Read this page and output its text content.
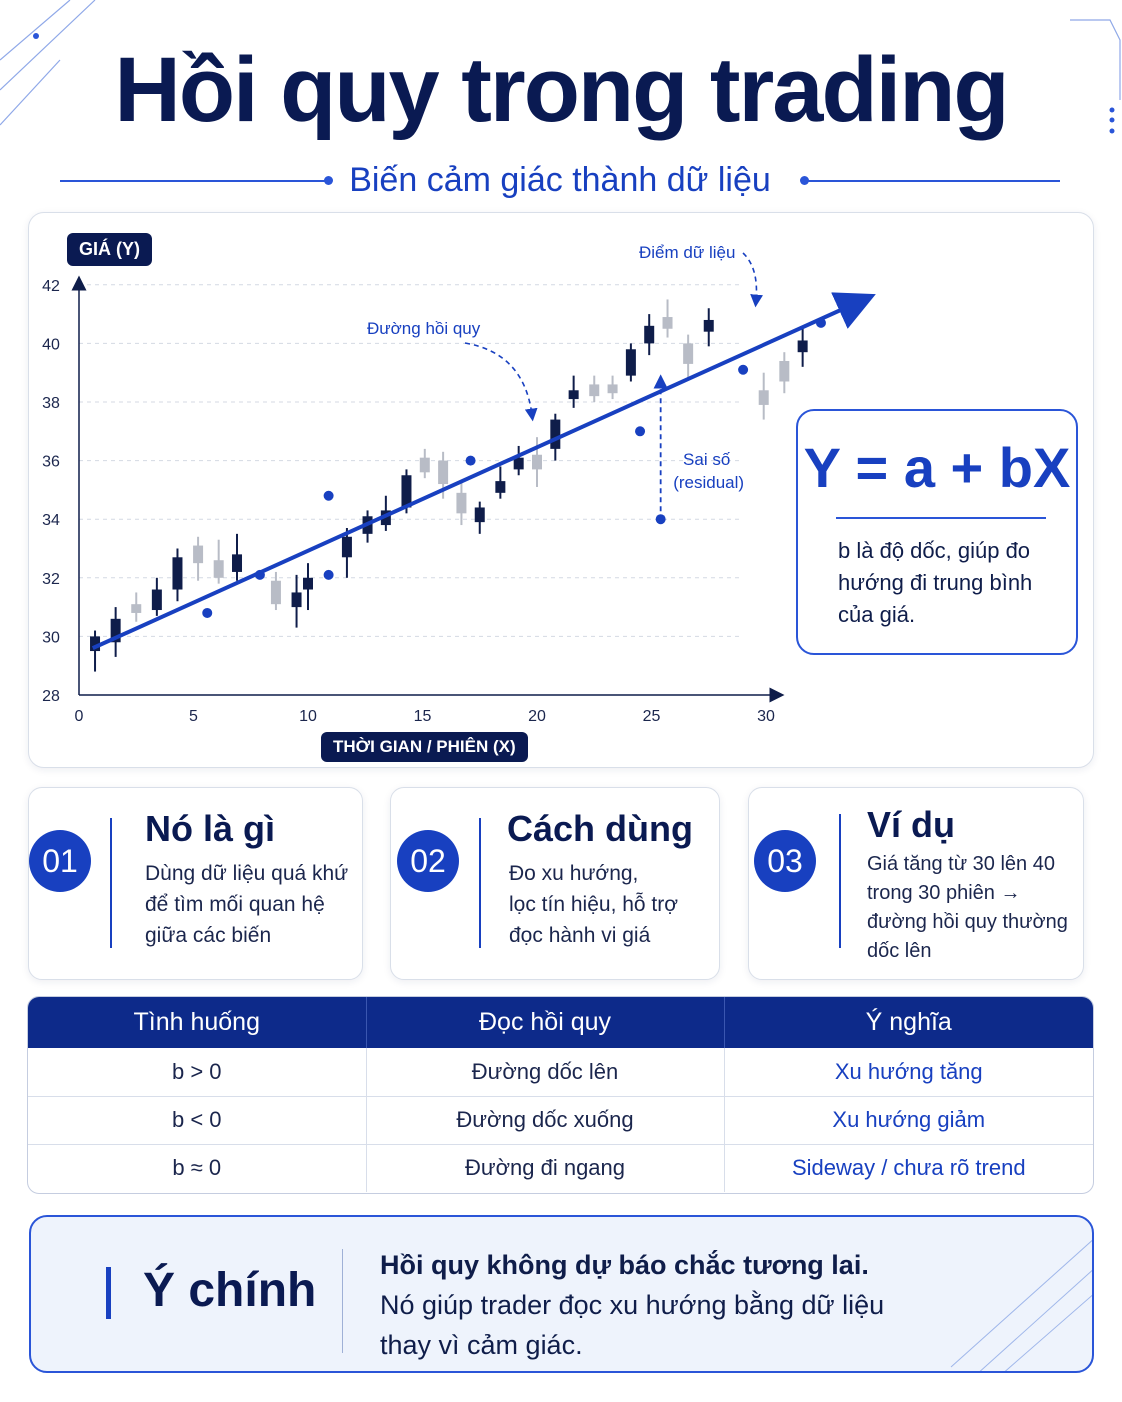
Hồi quy trong trading
Biến cảm giác thành dữ liệu
28
30
32
34
36
38
40
42
0	5	10	15	20	25	30
Sai số
(residual)
Đường hồi quy
Điểm dữ liệu
GIÁ (Y)
THỜI GIAN / PHIÊN (X)
Y = a + bX
b là độ dốc, giúp đo hướng đi trung bình của giá.
01
Nó là gì
Dùng dữ liệu quá khứ
để tìm mối quan hệ
giữa các biến
02
Cách dùng
Đo xu hướng,
lọc tín hiệu, hỗ trợ
đọc hành vi giá
03
Ví dụ
Giá tăng từ 30 lên 40
trong 30 phiên →
đường hồi quy thường
dốc lên
Tình huống	Đọc hồi quy	Ý nghĩa
b > 0	Đường dốc lên	Xu hướng tăng
b < 0	Đường dốc xuống	Xu hướng giảm
b ≈ 0	Đường đi ngang	Sideway / chưa rõ trend
Ý chính Hồi quy không dự báo chắc tương lai.
Nó giúp trader đọc xu hướng bằng dữ liệu thay vì cảm giác.
